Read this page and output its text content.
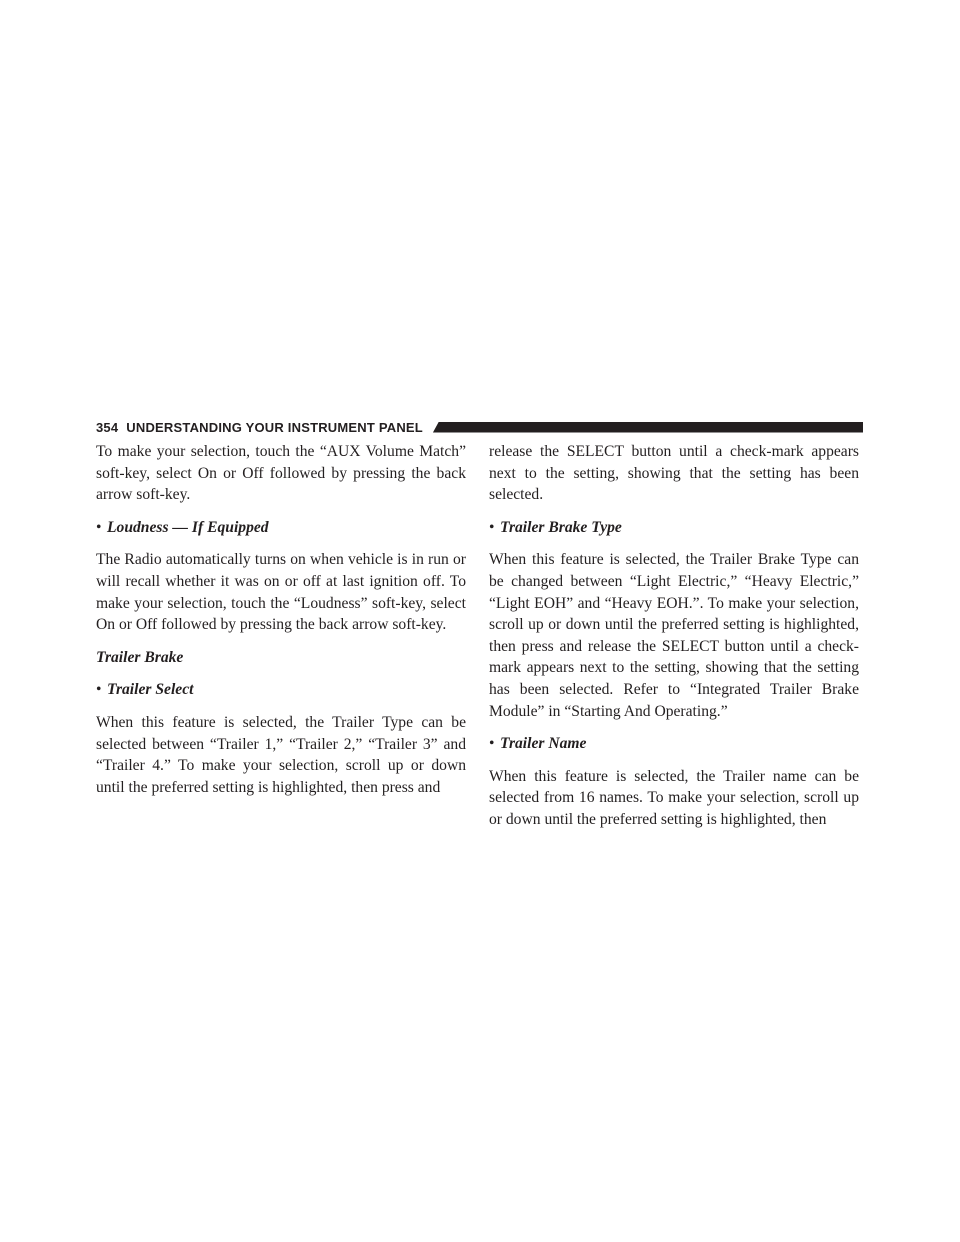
354 UNDERSTANDING YOUR INSTRUMENT PANEL

To make your selection, touch the “AUX Volume Match” soft-key, select On or Off followed by pressing the back arrow soft-key.

• Loudness — If Equipped

The Radio automatically turns on when vehicle is in run or will recall whether it was on or off at last ignition off. To make your selection, touch the “Loudness” soft-key, select On or Off followed by pressing the back arrow soft-key.

Trailer Brake
• Trailer Select

When this feature is selected, the Trailer Type can be selected between “Trailer 1,” “Trailer 2,” “Trailer 3” and “Trailer 4.” To make your selection, scroll up or down until the preferred setting is highlighted, then press and

release the SELECT button until a check-mark appears next to the setting, showing that the setting has been selected.

• Trailer Brake Type

When this feature is selected, the Trailer Brake Type can be changed between “Light Electric,” “Heavy Electric,” “Light EOH” and “Heavy EOH.”. To make your selection, scroll up or down until the preferred setting is highlighted, then press and release the SELECT button until a check-mark appears next to the setting, showing that the setting has been selected. Refer to “Integrated Trailer Brake Module” in “Starting And Operating.”

• Trailer Name

When this feature is selected, the Trailer name can be selected from 16 names. To make your selection, scroll up or down until the preferred setting is highlighted, then
